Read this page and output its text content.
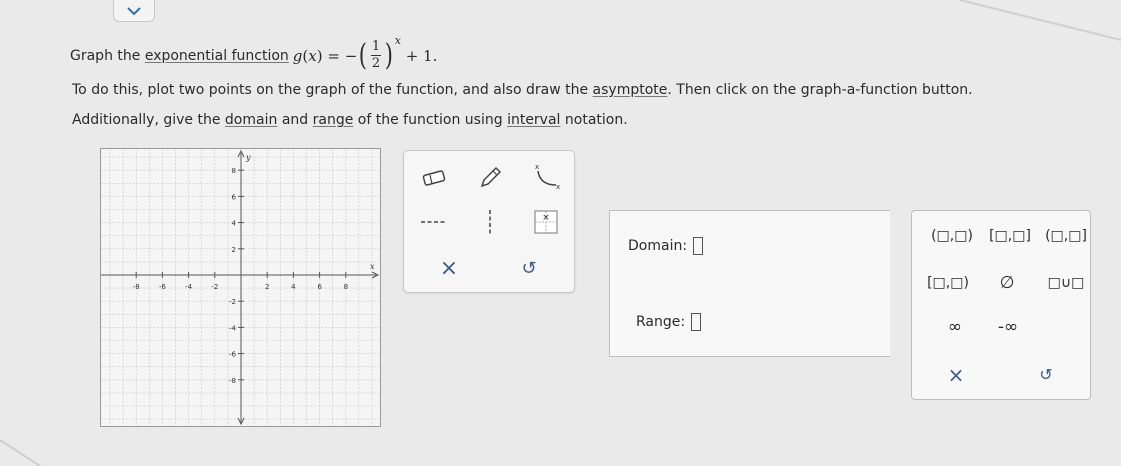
Graph the
exponential function g ( x ) =
− ( $\frac{1}{2}$ ) x

+ 1.
To do this, plot two points on the graph of the function, and also draw the asymptote. Then click on the graph-a-function button.
Additionally, give the domain and range of the function using interval notation.
x
y
-8	-6	-4	-2	2	4	6	8
8
6
4
2
-2
-4
-6
-8
x
x
×
×	↺
Domain:
Range:
(□,□) [□,□] (□,□]
[□,□)	∅	□∪□
∞	-∞
×	↺
